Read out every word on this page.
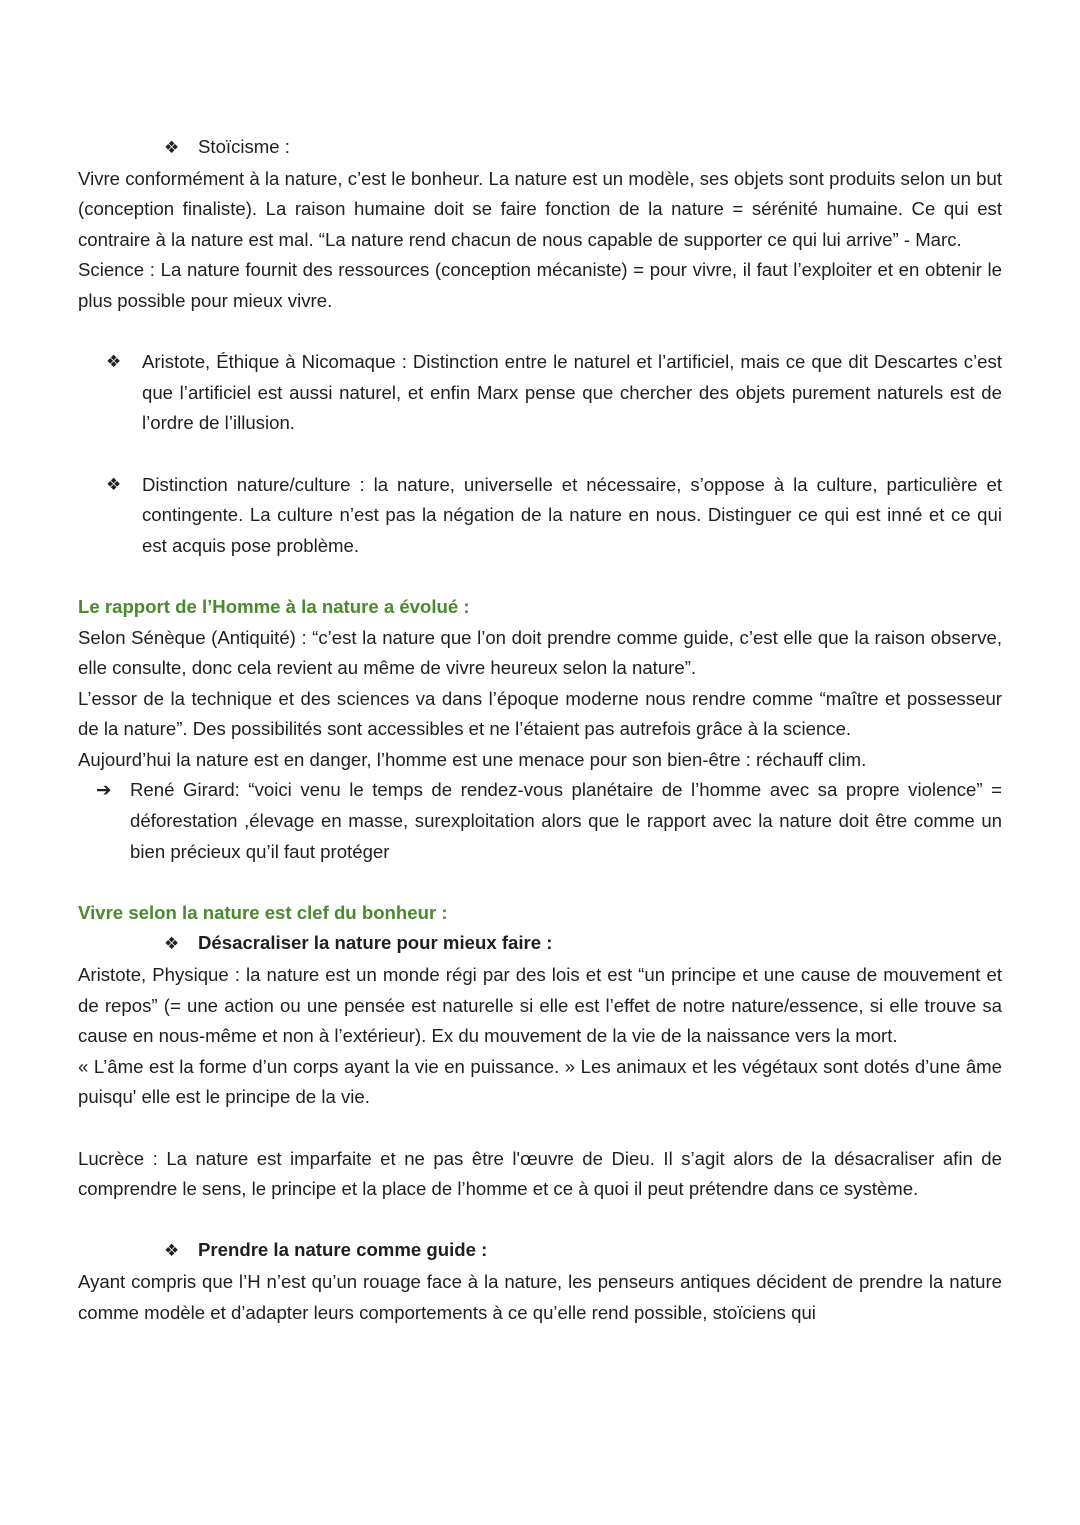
❖	Stoïcisme :

Vivre conformément à la nature, c’est le bonheur. La nature est un modèle, ses objets sont produits selon un but (conception finaliste). La raison humaine doit se faire fonction de la nature = sérénité humaine. Ce qui est contraire à la nature est mal. “La nature rend chacun de nous capable de supporter ce qui lui arrive” - Marc.

Science : La nature fournit des ressources (conception mécaniste) = pour vivre, il faut l’exploiter et en obtenir le plus possible pour mieux vivre.

❖	Aristote, Éthique à Nicomaque : Distinction entre le naturel et l’artificiel, mais ce que dit Descartes c’est que l’artificiel est aussi naturel, et enfin Marx pense que chercher des objets purement naturels est de l’ordre de l’illusion.
❖	Distinction nature/culture : la nature, universelle et nécessaire, s’oppose à la culture, particulière et contingente. La culture n’est pas la négation de la nature en nous. Distinguer ce qui est inné et ce qui est acquis pose problème.

Le rapport de l’Homme à la nature a évolué :

Selon Sénèque (Antiquité) : “c’est la nature que l’on doit prendre comme guide, c’est elle que la raison observe, elle consulte, donc cela revient au même de vivre heureux selon la nature”.

L’essor de la technique et des sciences va dans l’époque moderne nous rendre comme “maître et possesseur de la nature”. Des possibilités sont accessibles et ne l’étaient pas autrefois grâce à la science.

Aujourd’hui la nature est en danger, l’homme est une menace pour son bien-être : réchauff clim.

➔ René Girard: “voici venu le temps de rendez-vous planétaire de l’homme avec sa propre violence” = déforestation ,élevage en masse, surexploitation alors que le rapport avec la nature doit être comme un bien précieux qu’il faut protéger

Vivre selon la nature est clef du bonheur :

❖	Désacraliser la nature pour mieux faire :

Aristote, Physique : la nature est un monde régi par des lois et est “un principe et une cause de mouvement et de repos” (= une action ou une pensée est naturelle si elle est l’effet de notre nature/essence, si elle trouve sa cause en nous-même et non à l’extérieur). Ex du mouvement de la vie de la naissance vers la mort.

« L’âme est la forme d’un corps ayant la vie en puissance. » Les animaux et les végétaux sont dotés d’une âme puisqu' elle est le principe de la vie.

Lucrèce : La nature est imparfaite et ne pas être l'œuvre de Dieu. Il s’agit alors de la désacraliser afin de comprendre le sens, le principe et la place de l’homme et ce à quoi il peut prétendre dans ce système.

❖	Prendre la nature comme guide :

Ayant compris que l’H n’est qu’un rouage face à la nature, les penseurs antiques décident de prendre la nature comme modèle et d’adapter leurs comportements à ce qu’elle rend possible, stoïciens qui
